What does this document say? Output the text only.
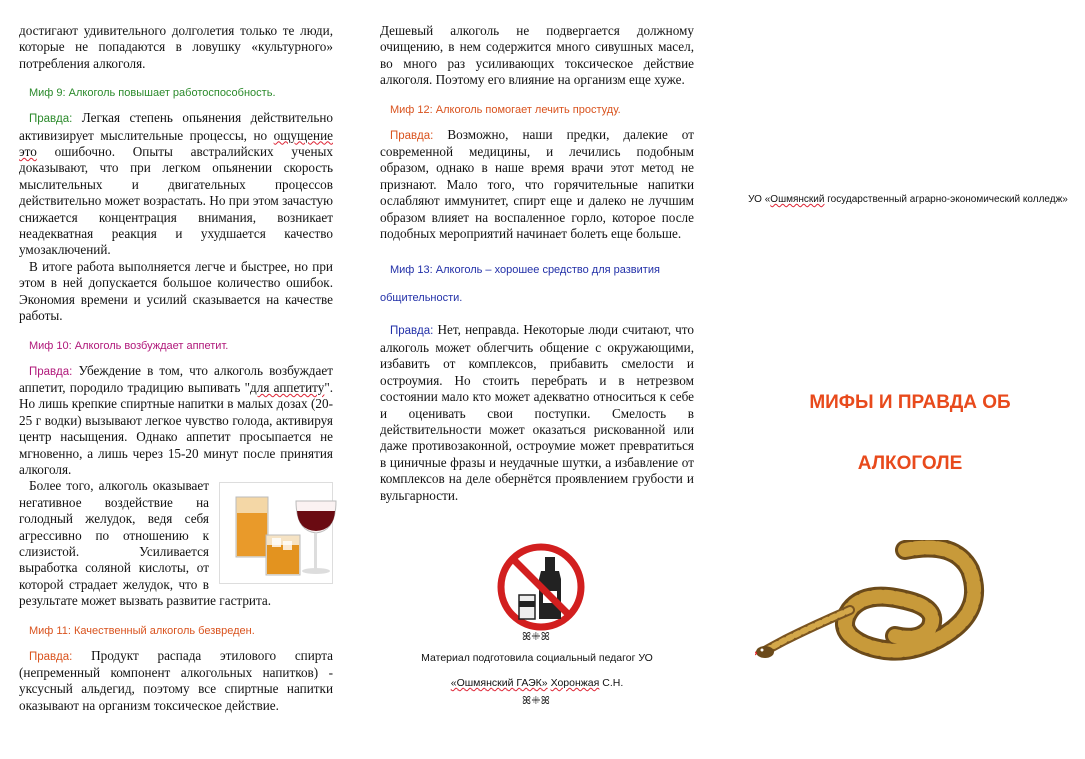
достигают удивительного долголетия только те люди, которые не попадаются в ловушку «культурного» потребления алкоголя.

Миф 9: Алкоголь повышает работоспособность.

Правда: Легкая степень опьянения действительно активизирует мыслительные процессы, но ощущение это ошибочно. Опыты австралийских ученых доказывают, что при легком опьянении скорость мыслительных и двигательных процессов действительно может возрастать. Но при этом зачастую снижается концентрация внимания, возникает неадекватная реакция и ухудшается качество умозаключений.

В итоге работа выполняется легче и быстрее, но при этом в ней допускается большое количество ошибок. Экономия времени и усилий сказывается на качестве работы.

Миф 10: Алкоголь возбуждает аппетит.

Правда: Убеждение в том, что алкоголь возбуждает аппетит, породило традицию выпивать "для аппетиту". Но лишь крепкие спиртные напитки в малых дозах (20-25 г водки) вызывают легкое чувство голода, активируя центр насыщения. Однако аппетит просыпается не мгновенно, а лишь через 15-20 минут после принятия алкоголя.

Более того, алкоголь оказывает негативное воздействие на голодный желудок, ведя себя агрессивно по отношению к слизистой. Усиливается выработка соляной кислоты, от которой страдает желудок, что в результате может вызвать развитие гастрита.

Миф 11: Качественный алкоголь безвреден.

Правда: Продукт распада этилового спирта (непременный компонент алкогольных напитков) - уксусный альдегид, поэтому все спиртные напитки оказывают на организм токсическое действие.

Дешевый алкоголь не подвергается должному очищению, в нем содержится много сивушных масел, во много раз усиливающих токсическое действие алкоголя. Поэтому его влияние на организм еще хуже.

Миф 12: Алкоголь помогает лечить простуду.

Правда: Возможно, наши предки, далекие от современной медицины, и лечились подобным образом, однако в наше время врачи этот метод не признают. Мало того, что горячительные напитки ослабляют иммунитет, спирт еще и далеко не лучшим образом влияет на воспаленное горло, которое после подобных мероприятий начинает болеть еще больше.

Миф 13: Алкоголь – хорошее средство для развития общительности.

Правда: Нет, неправда. Некоторые люди считают, что алкоголь может облегчить общение с окружающими, избавить от комплексов, прибавить смелости и остроумия. Но стоить перебрать и в нетрезвом состоянии мало кто может адекватно относиться к себе и оценивать свои поступки. Смелость в действительности может оказаться рискованной или даже противозаконной, остроумие может превратиться в циничные фразы и неудачные шутки, а избавление от комплексов на деле обернётся проявлением грубости и вульгарности.

ꕤꔰꕤ
Материал подготовила социальный педагог УО
«Ошмянский ГАЭК» Хоронжая С.Н.
ꕤꔰꕤ
УО «Ошмянский государственный аграрно-экономический колледж»
МИФЫ И ПРАВДА ОБ
АЛКОГОЛЕ
